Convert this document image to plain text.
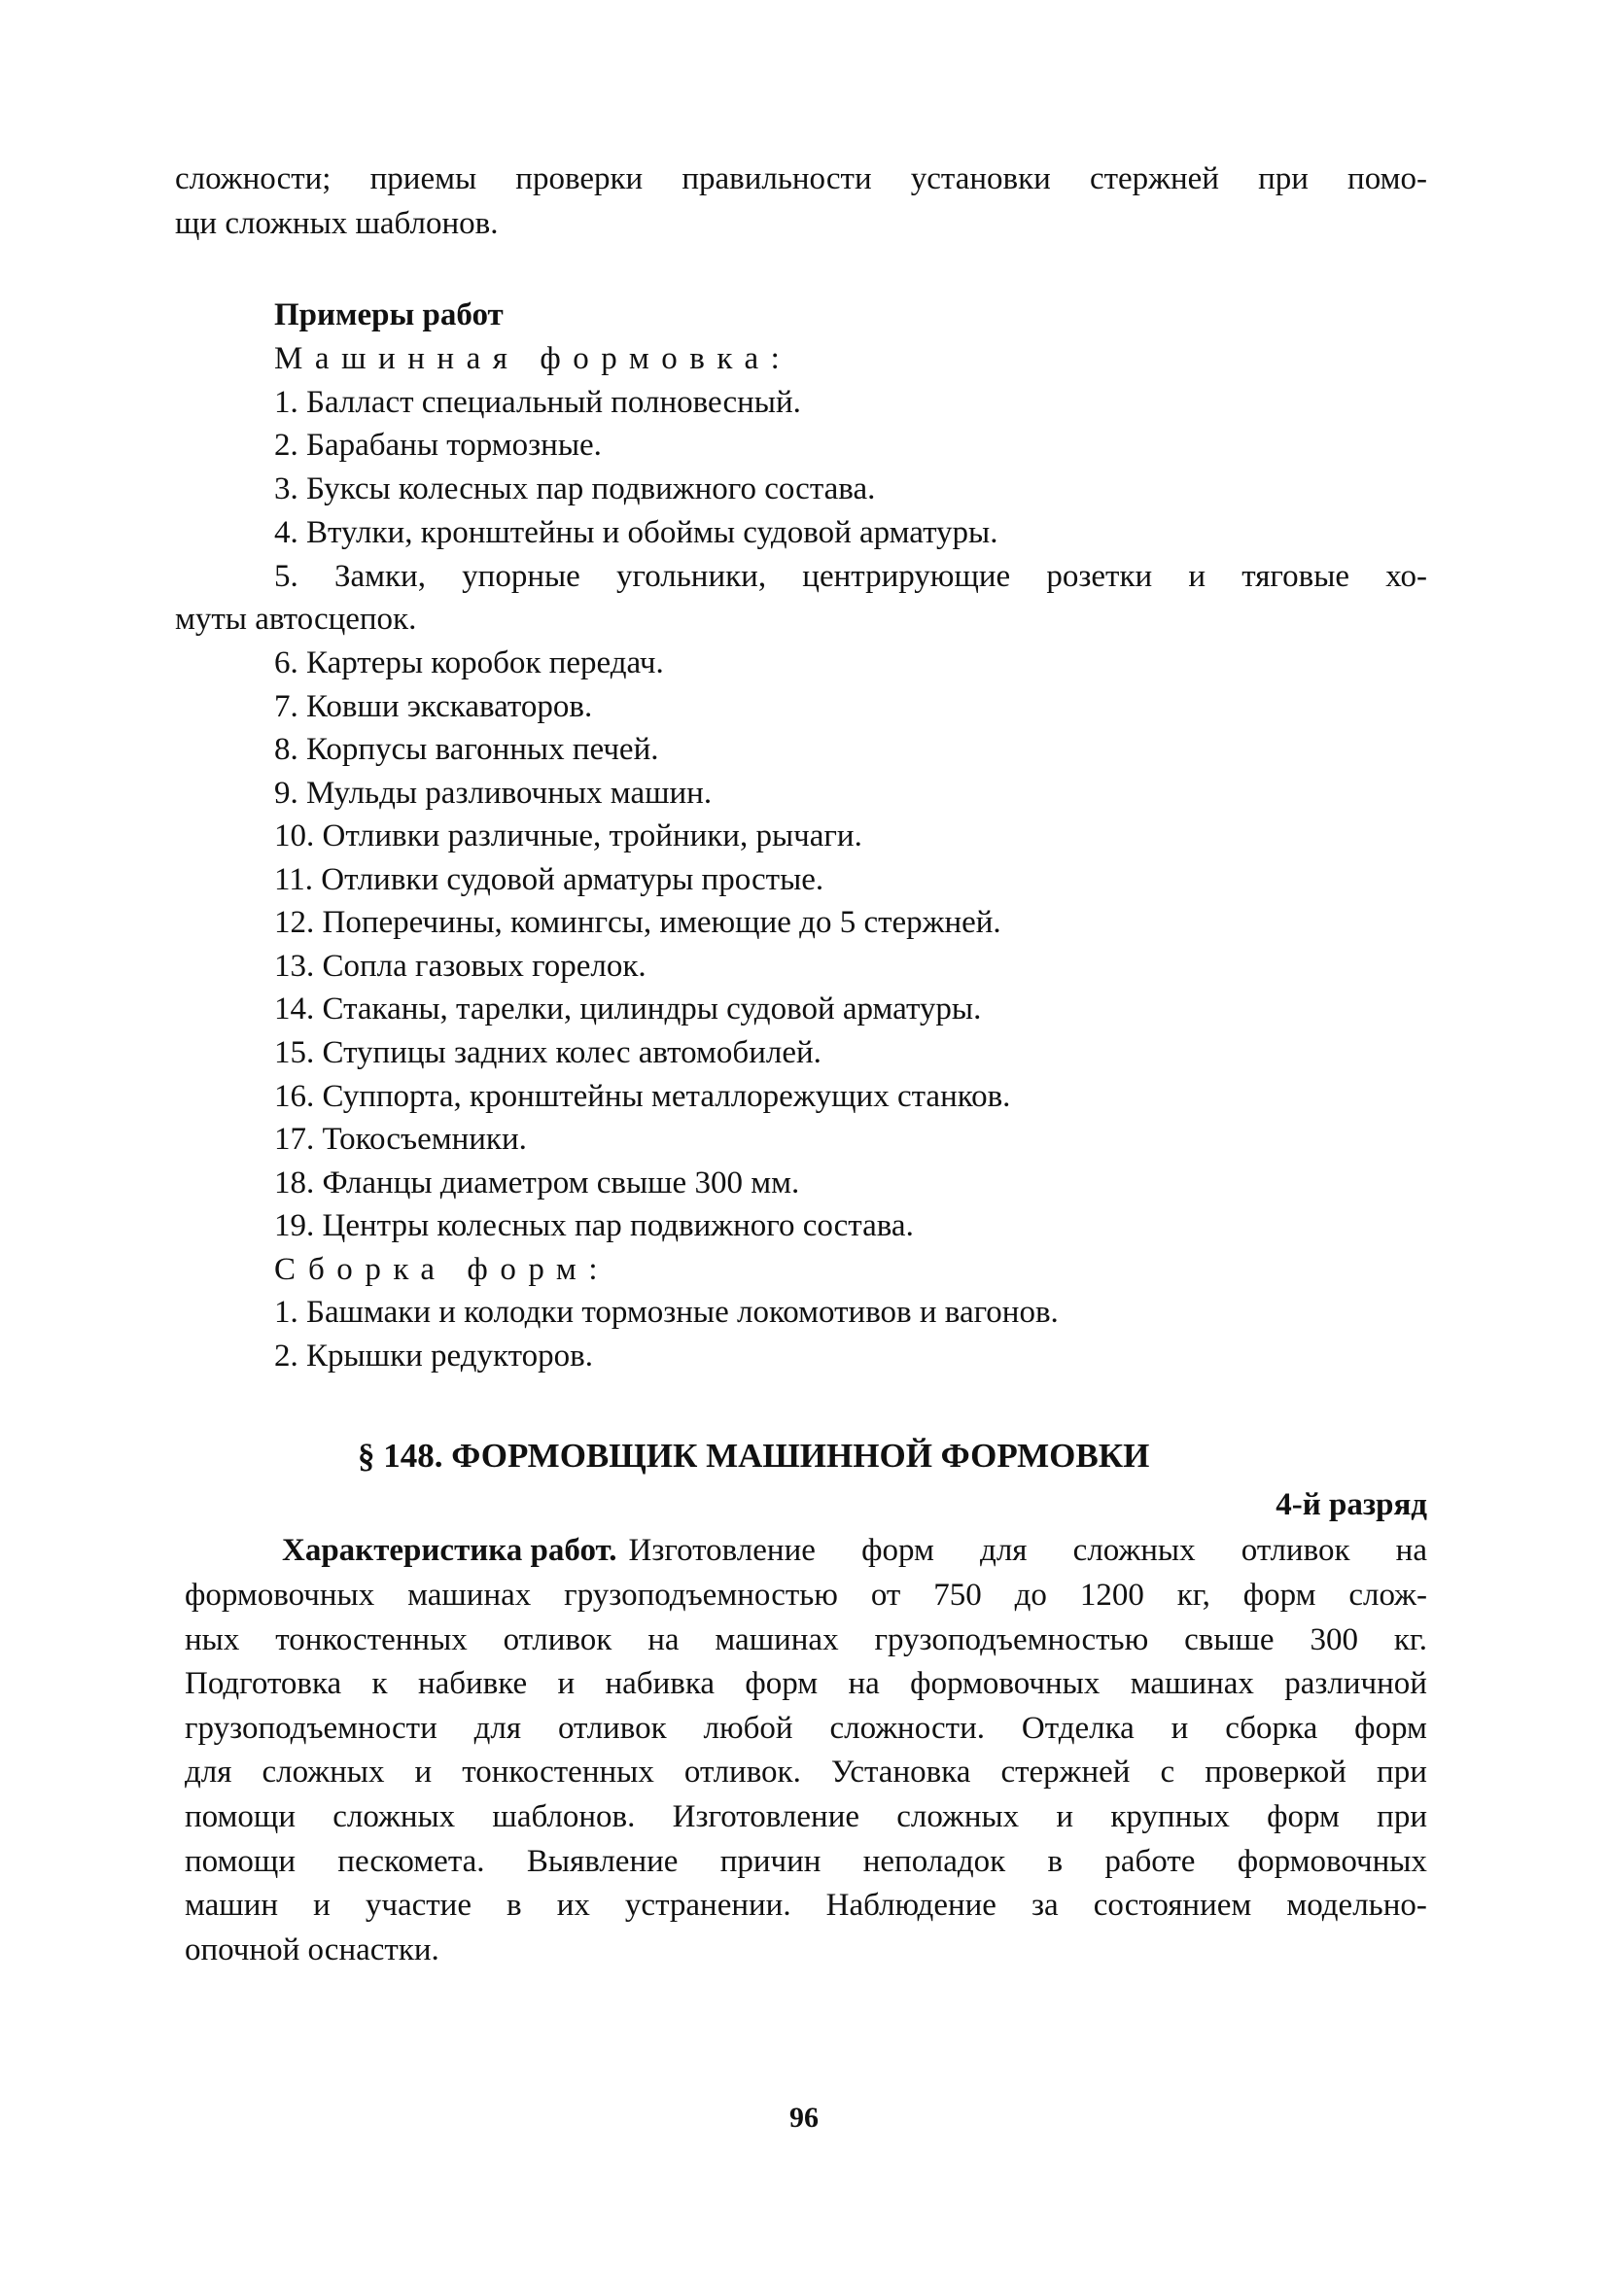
сложности; приемы проверки правильности установки стержней при помо-
щи сложных шаблонов.
Примеры работ
Машинная формовка:
1. Балласт специальный полновесный.
2. Барабаны тормозные.
3. Буксы колесных пар подвижного состава.
4. Втулки, кронштейны и обоймы судовой арматуры.
5. Замки, упорные угольники, центрирующие розетки и тяговые хо-
муты автосцепок.
6. Картеры коробок передач.
7. Ковши экскаваторов.
8. Корпусы вагонных печей.
9. Мульды разливочных машин.
10. Отливки различные, тройники, рычаги.
11. Отливки судовой арматуры простые.
12. Поперечины, комингсы, имеющие до 5 стержней.
13. Сопла газовых горелок.
14. Стаканы, тарелки, цилиндры судовой арматуры.
15. Ступицы задних колес автомобилей.
16. Суппорта, кронштейны металлорежущих станков.
17. Токосъемники.
18. Фланцы диаметром свыше 300 мм.
19. Центры колесных пар подвижного состава.
Сборка форм:
1. Башмаки и колодки тормозные локомотивов и вагонов.
2. Крышки редукторов.
§ 148. ФОРМОВЩИК МАШИННОЙ ФОРМОВКИ
4-й разряд
Характеристика работ. Изготовление форм для сложных отливок на
формовочных машинах грузоподъемностью от 750 до 1200 кг, форм слож-
ных тонкостенных отливок на машинах грузоподъемностью свыше 300 кг.
Подготовка к набивке и набивка форм на формовочных машинах различной
грузоподъемности для отливок любой сложности. Отделка и сборка форм
для сложных и тонкостенных отливок. Установка стержней с проверкой при
помощи сложных шаблонов. Изготовление сложных и крупных форм при
помощи пескомета. Выявление причин неполадок в работе формовочных
машин и участие в их устранении. Наблюдение за состоянием модельно-
опочной оснастки.
96
